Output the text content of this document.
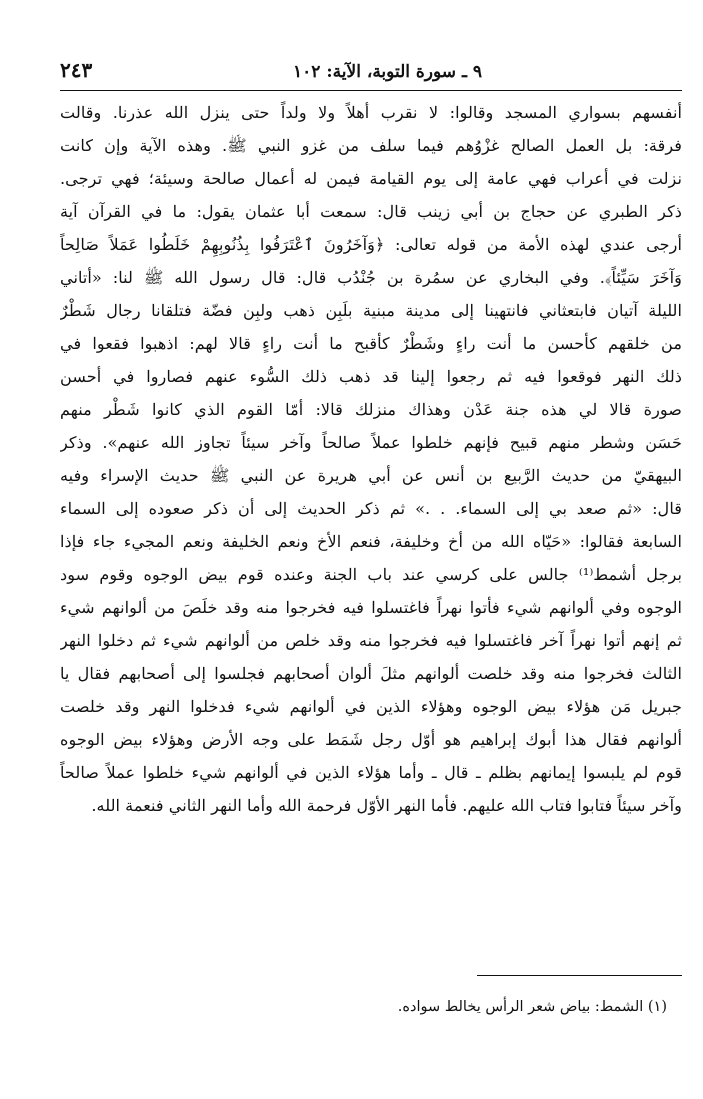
٩ ـ سورة التوبة، الآية: ١٠٢
٢٤٣
أنفسهم بسواري المسجد وقالوا: لا نقرب أهلاً ولا ولداً حتى ينزل الله عذرنا. وقالت
فرقة: بل العمل الصالح غزْوُهم فيما سلف من غزو النبي ﷺ. وهذه الآية وإن كانت
نزلت في أعراب فهي عامة إلى يوم القيامة فيمن له أعمال صالحة وسيئة؛ فهي ترجى.
ذكر الطبري عن حجاج بن أبي زينب قال: سمعت أبا عثمان يقول: ما في القرآن آية
أرجى عندي لهذه الأمة من قوله تعالى: ﴿وَآخَرُونَ ٱعْتَرَفُوا بِذُنُوبِهِمْ خَلَطُوا عَمَلاً صَالِحاً
وَآخَرَ سَيِّئاً﴾. وفي البخاري عن سمُرة بن جُنْدُب قال: قال رسول الله ﷺ لنا: «أتاني
الليلة آتيان فابتعثاني فانتهينا إلى مدينة مبنية بلَبِن ذهب ولبِن فضّة فتلقانا رجال شَطْرٌ
من خلقهم كأحسن ما أنت راءٍ وشَطْرٌ كأقبح ما أنت راءٍ قالا لهم: اذهبوا فقعوا في
ذلك النهر فوقعوا فيه ثم رجعوا إلينا قد ذهب ذلك السُّوء عنهم فصاروا في أحسن
صورة قالا لي هذه جنة عَدْن وهذاك منزلك قالا: أمّا القوم الذي كانوا شَطْر منهم
حَسَن وشطر منهم قبيح فإنهم خلطوا عملاً صالحاً وآخر سيئاً تجاوز الله عنهم». وذكر
البيهقيّ من حديث الرَّبيع بن أنس عن أبي هريرة عن النبي ﷺ حديث الإسراء وفيه
قال: «ثم صعد بي إلى السماء. . .» ثم ذكر الحديث إلى أن ذكر صعوده إلى السماء
السابعة فقالوا: «حَيّاه الله من أخ وخليفة، فنعم الأخ ونعم الخليفة ونعم المجيء جاء فإذا
برجل أشمط⁽¹⁾ جالس على كرسي عند باب الجنة وعنده قوم بيض الوجوه وقوم سود
الوجوه وفي ألوانهم شيء فأتوا نهراً فاغتسلوا فيه فخرجوا منه وقد خلَصَ من ألوانهم شيء
ثم إنهم أتوا نهراً آخر فاغتسلوا فيه فخرجوا منه وقد خلص من ألوانهم شيء ثم دخلوا النهر
الثالث فخرجوا منه وقد خلصت ألوانهم مثلَ ألوان أصحابهم فجلسوا إلى أصحابهم فقال يا
جبريل مَن هؤلاء بيض الوجوه وهؤلاء الذين في ألوانهم شيء فدخلوا النهر وقد خلصت
ألوانهم فقال هذا أبوك إبراهيم هو أوّل رجل شَمَط على وجه الأرض وهؤلاء بيض الوجوه
قوم لم يلبسوا إيمانهم بظلم ـ قال ـ وأما هؤلاء الذين في ألوانهم شيء خلطوا عملاً صالحاً
وآخر سيئاً فتابوا فتاب الله عليهم. فأما النهر الأوّل فرحمة الله وأما النهر الثاني فنعمة الله.
(١) الشمط: بياض شعر الرأس يخالط سواده.
